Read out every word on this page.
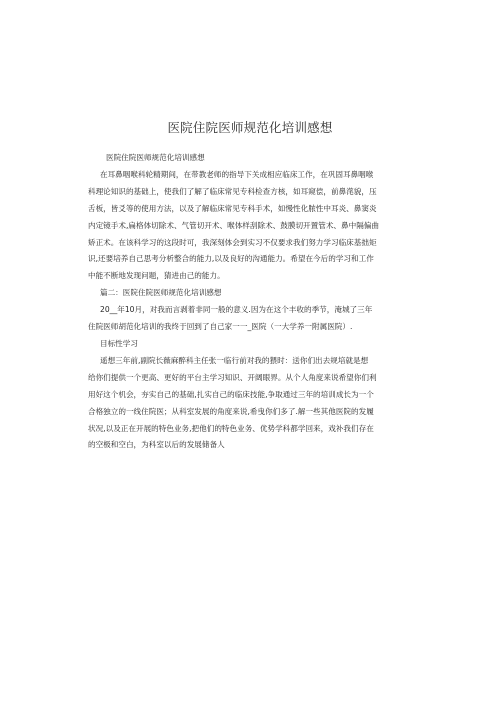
医院住院医师规范化培训感想
医院住院医师规范化培训感想
在耳鼻咽喉科轮精期间，在带教老师的指导下关成相应临床工作，在巩固耳鼻咽喉
科理论知识的基础上，使我们了解了临床常见专科检查方核，如耳窥偿，前鼻滗貌，压
舌板，皆爻等的使用方法，以及了解临床常见专科手术，如慢性化脓性中耳炎、鼻窦炎
内定镜手术,扁格体切除术、气管切开术、喉体样刮除术、鼓膜切开置管术、鼻中隔偏曲
矫正术。在该科学习的这段时可，我深刻体会到实习不仅要求我们努力学习临床基拙矩
识,还要培养自己思考分析整合的能力,以及良好的沟通能力。希望在今后的学习和工作
中能不断地发现问题，猜进由己的能力。
篇二：医院住院医师规范化培训感想
20__年10月，对我而言剥着非同一般的意义.因为在这个丰收的季节，淹城了三年
住院医师胡范化培训的我终于回到了自己家一一_医院（一大学养一附属医院）.
目标性学习
遥想三年前,副院长薇麻醉科主任张一临行前对我的猥时：送你们出去规培就是想
给你们提供一个更高、更好的平台主学习知识、开阔眼界。从个人角度来说希望你们利
用好这个机会，夯实自己的基础,扎实自己的临床技能,争取通过三年的培训成长为一个
合格独立的一线住院医；从科室发展的角度来说,希曳你们多了.解一些其他医院的发履
状况,以及正在开展的特色业务,把他们的特色业务、优势学科都学回来，戏补我们存在
的空极和空白，为科室以后的发展储备人
